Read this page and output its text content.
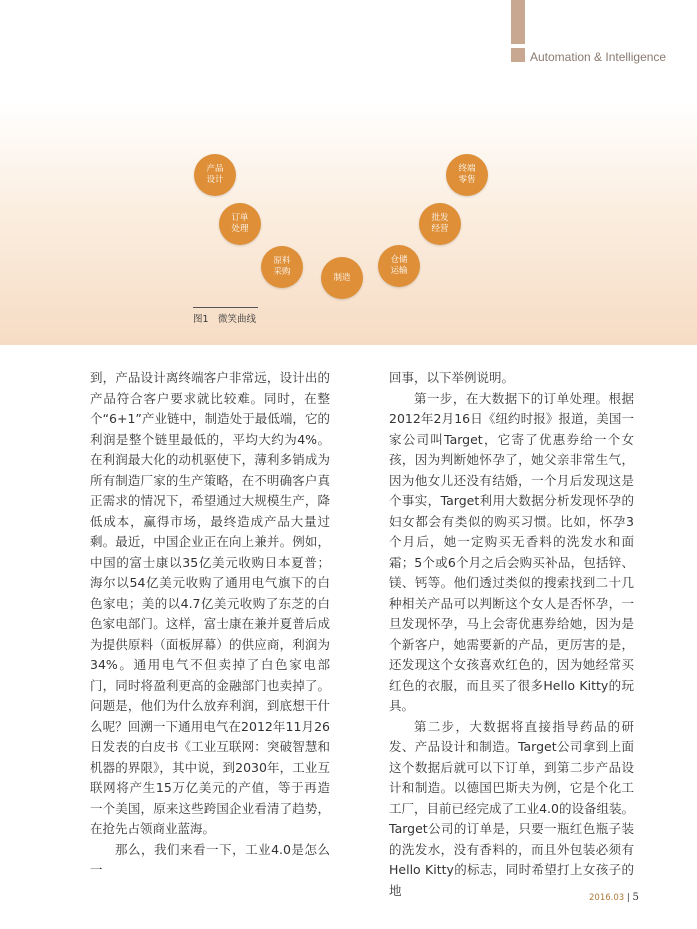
Automation & Intelligence
产品
设计
订单
处理
原料
采购
制造
仓储
运输
批发
经营
终端
零售
图1　微笑曲线

到，产品设计离终端客户非常远，设计出的产品符合客户要求就比较难。同时，在整个“6+1”产业链中，制造处于最低端，它的利润是整个链里最低的，平均大约为4%。在利润最大化的动机驱使下，薄利多销成为所有制造厂家的生产策略，在不明确客户真正需求的情况下，希望通过大规模生产，降低成本，赢得市场，最终造成产品大量过剩。最近，中国企业正在向上兼并。例如，中国的富士康以35亿美元收购日本夏普；海尔以54亿美元收购了通用电气旗下的白色家电；美的以4.7亿美元收购了东芝的白色家电部门。这样，富士康在兼并夏普后成为提供原料（面板屏幕）的供应商，利润为34%。通用电气不但卖掉了白色家电部门，同时将盈利更高的金融部门也卖掉了。问题是，他们为什么放弃利润，到底想干什么呢？回溯一下通用电气在2012年11月26日发表的白皮书《工业互联网：突破智慧和机器的界限》，其中说，到2030年，工业互联网将产生15万亿美元的产值，等于再造一个美国，原来这些跨国企业看清了趋势，在抢先占领商业蓝海。

那么，我们来看一下，工业4.0是怎么一

回事，以下举例说明。

第一步，在大数据下的订单处理。根据2012年2月16日《纽约时报》报道，美国一家公司叫Target，它寄了优惠券给一个女孩，因为判断她怀孕了，她父亲非常生气，因为他女儿还没有结婚，一个月后发现这是个事实，Target利用大数据分析发现怀孕的妇女都会有类似的购买习惯。比如，怀孕3个月后，她一定购买无香料的洗发水和面霜；5个或6个月之后会购买补品，包括锌、镁、钙等。他们透过类似的搜索找到二十几种相关产品可以判断这个女人是否怀孕，一旦发现怀孕，马上会寄优惠券给她，因为是个新客户，她需要新的产品，更厉害的是，还发现这个女孩喜欢红色的，因为她经常买红色的衣服，而且买了很多Hello Kitty的玩具。

第二步，大数据将直接指导药品的研发、产品设计和制造。Target公司拿到上面这个数据后就可以下订单，到第二步产品设计和制造。以德国巴斯夫为例，它是个化工工厂，目前已经完成了工业4.0的设备组装。Target公司的订单是，只要一瓶红色瓶子装的洗发水，没有香料的，而且外包装必须有Hello Kitty的标志，同时希望打上女孩子的地

2016.03 | 5
